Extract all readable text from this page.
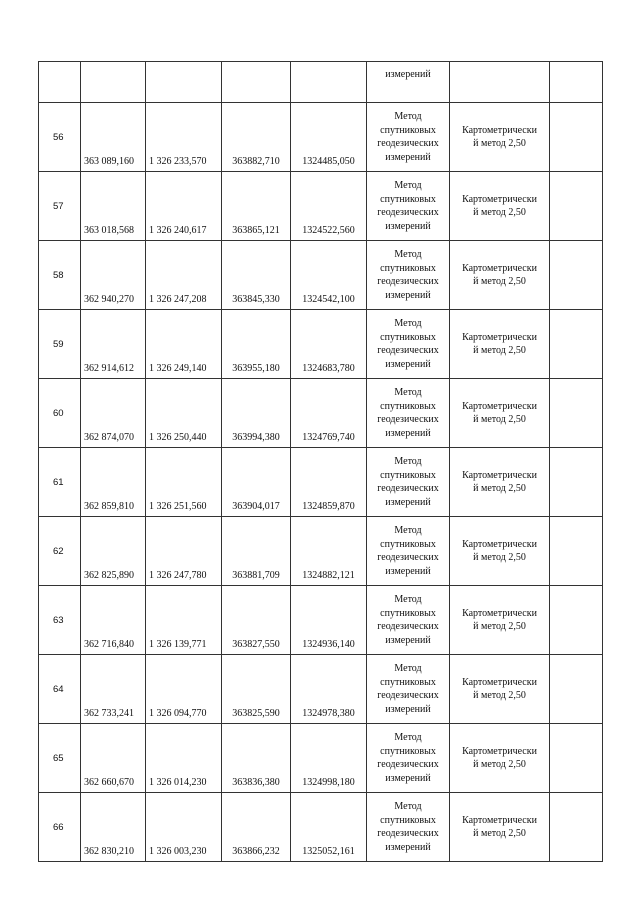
					измерений		
56	363 089,160	1 326 233,570	363882,710	1324485,050	Метод
спутниковых
геодезических
измерений	Картометрически
й метод 2,50	
57	363 018,568	1 326 240,617	363865,121	1324522,560	Метод
спутниковых
геодезических
измерений	Картометрически
й метод 2,50	
58	362 940,270	1 326 247,208	363845,330	1324542,100	Метод
спутниковых
геодезических
измерений	Картометрически
й метод 2,50	
59	362 914,612	1 326 249,140	363955,180	1324683,780	Метод
спутниковых
геодезических
измерений	Картометрически
й метод 2,50	
60	362 874,070	1 326 250,440	363994,380	1324769,740	Метод
спутниковых
геодезических
измерений	Картометрически
й метод 2,50	
61	362 859,810	1 326 251,560	363904,017	1324859,870	Метод
спутниковых
геодезических
измерений	Картометрически
й метод 2,50	
62	362 825,890	1 326 247,780	363881,709	1324882,121	Метод
спутниковых
геодезических
измерений	Картометрически
й метод 2,50	
63	362 716,840	1 326 139,771	363827,550	1324936,140	Метод
спутниковых
геодезических
измерений	Картометрически
й метод 2,50	
64	362 733,241	1 326 094,770	363825,590	1324978,380	Метод
спутниковых
геодезических
измерений	Картометрически
й метод 2,50	
65	362 660,670	1 326 014,230	363836,380	1324998,180	Метод
спутниковых
геодезических
измерений	Картометрически
й метод 2,50	
66	362 830,210	1 326 003,230	363866,232	1325052,161	Метод
спутниковых
геодезических
измерений	Картометрически
й метод 2,50	
